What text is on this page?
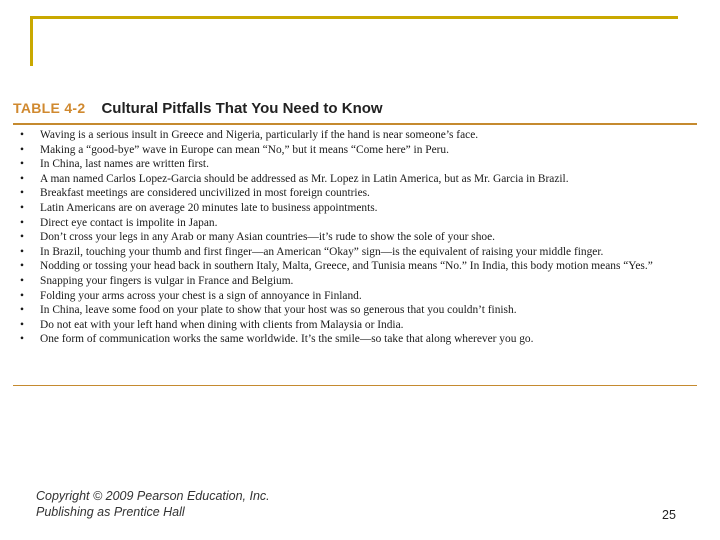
TABLE 4-2 Cultural Pitfalls That You Need to Know
• Waving is a serious insult in Greece and Nigeria, particularly if the hand is near someone’s face.
• Making a “good-bye” wave in Europe can mean “No,” but it means “Come here” in Peru.
• In China, last names are written first.
• A man named Carlos Lopez-Garcia should be addressed as Mr. Lopez in Latin America, but as Mr. Garcia in Brazil.
• Breakfast meetings are considered uncivilized in most foreign countries.
• Latin Americans are on average 20 minutes late to business appointments.
• Direct eye contact is impolite in Japan.
• Don’t cross your legs in any Arab or many Asian countries—it’s rude to show the sole of your shoe.
• In Brazil, touching your thumb and first finger—an American “Okay” sign—is the equivalent of raising your middle finger.
• Nodding or tossing your head back in southern Italy, Malta, Greece, and Tunisia means “No.” In India, this body motion means “Yes.”
• Snapping your fingers is vulgar in France and Belgium.
• Folding your arms across your chest is a sign of annoyance in Finland.
• In China, leave some food on your plate to show that your host was so generous that you couldn’t finish.
• Do not eat with your left hand when dining with clients from Malaysia or India.
• One form of communication works the same worldwide. It’s the smile—so take that along wherever you go.
Copyright © 2009 Pearson Education, Inc.
Publishing as Prentice Hall	25
